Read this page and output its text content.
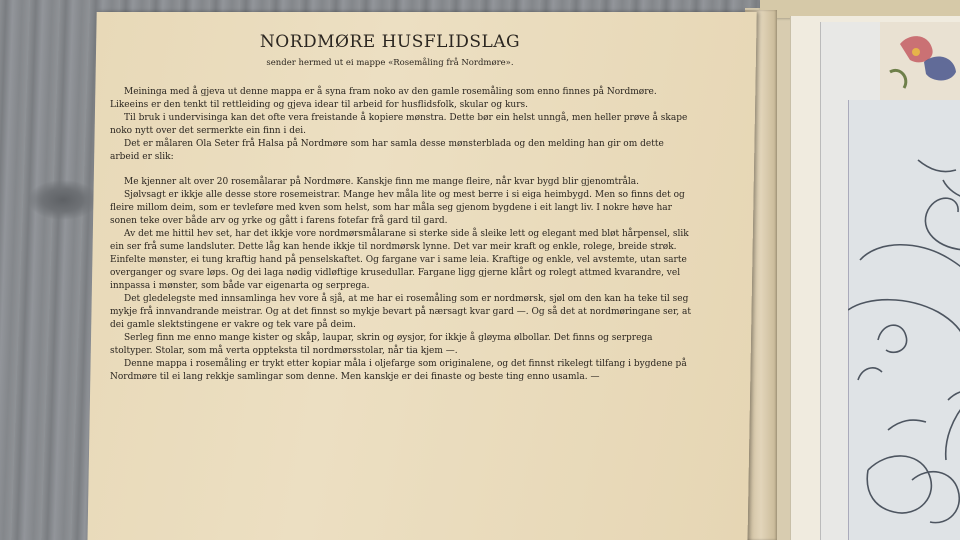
NORDMØRE HUSFLIDSLAG
sender hermed ut ei mappe «Rosemåling frå Nordmøre».

Meininga med å gjeva ut denne mappa er å syna fram noko av den gamle rosemåling som enno finnes på Nordmøre. Likeeins er den tenkt til rettleiding og gjeva idear til arbeid for husflidsfolk, skular og kurs.

Til bruk i undervisinga kan det ofte vera freistande å kopiere mønstra. Dette bør ein helst unngå, men heller prøve å skape noko nytt over det sermerkte ein finn i dei.

Det er målaren Ola Seter frå Halsa på Nordmøre som har samla desse mønsterblada og den melding han gir om dette arbeid er slik:

Me kjenner alt over 20 rosemålarar på Nordmøre. Kanskje finn me mange fleire, når kvar bygd blir gjenomtråla.

Sjølvsagt er ikkje alle desse store rosemeistrar. Mange hev måla lite og mest berre i si eiga heimbygd. Men so finns det og fleire millom deim, som er tevleføre med kven som helst, som har måla seg gjenom bygdene i eit langt liv. I nokre høve har sonen teke over både arv og yrke og gått i farens fotefar frå gard til gard.

Av det me hittil hev set, har det ikkje vore nordmørsmålarane si sterke side å sleike lett og elegant med bløt hårpensel, slik ein ser frå sume landsluter. Dette låg kan hende ikkje til nordmørsk lynne. Det var meir kraft og enkle, rolege, breide strøk. Einfelte mønster, ei tung kraftig hand på penselskaftet. Og fargane var i same leia. Kraftige og enkle, vel avstemte, utan sarte overganger og svare løps. Og dei laga nødig vidløftige krusedullar. Fargane ligg gjerne klårt og rolegt attmed kvarandre, vel innpassa i mønster, som både var eigenarta og serprega.

Det gledelegste med innsamlinga hev vore å sjå, at me har ei rosemåling som er nordmørsk, sjøl om den kan ha teke til seg mykje frå innvandrande meistrar. Og at det finnst so mykje bevart på nærsagt kvar gard —. Og så det at nordmøringane ser, at dei gamle slektstingene er vakre og tek vare på deim.

Serleg finn me enno mange kister og skåp, laupar, skrin og øysjor, for ikkje å gløyma ølbollar. Det finns og serprega stoltyper. Stolar, som må verta oppteksta til nordmørsstolar, når tia kjem —.

Denne mappa i rosemåling er trykt etter kopiar måla i oljefarge som originalene, og det finnst rikelegt tilfang i bygdene på Nordmøre til ei lang rekkje samlingar som denne. Men kanskje er dei finaste og beste ting enno usamla. —
